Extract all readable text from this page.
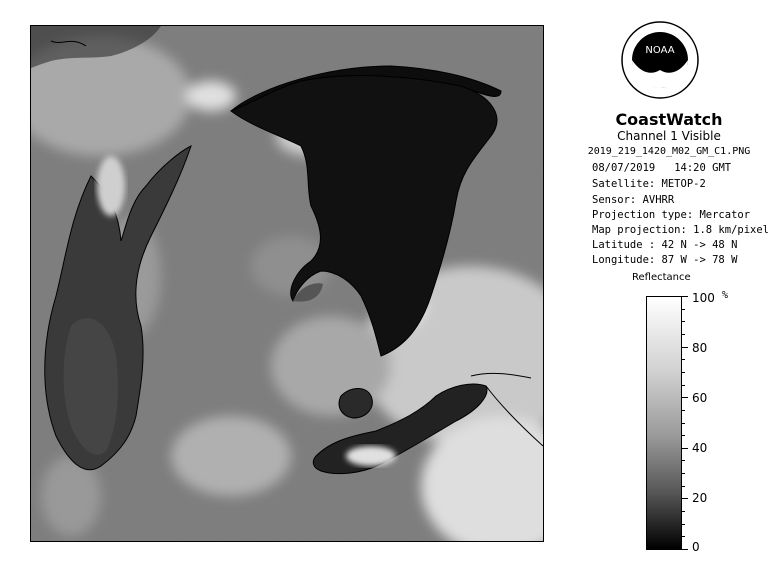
NOAA
CoastWatch
Channel 1 Visible
2019_219_1420_M02_GM_C1.PNG
08/07/2019 14:20 GMT
Satellite: METOP-2
Sensor: AVHRR
Projection type: Mercator
Map projection: 1.8 km/pixel
Latitude : 42 N -> 48 N
Longitude: 87 W -> 78 W
Reflectance
%
100
80
60
40
20
0
